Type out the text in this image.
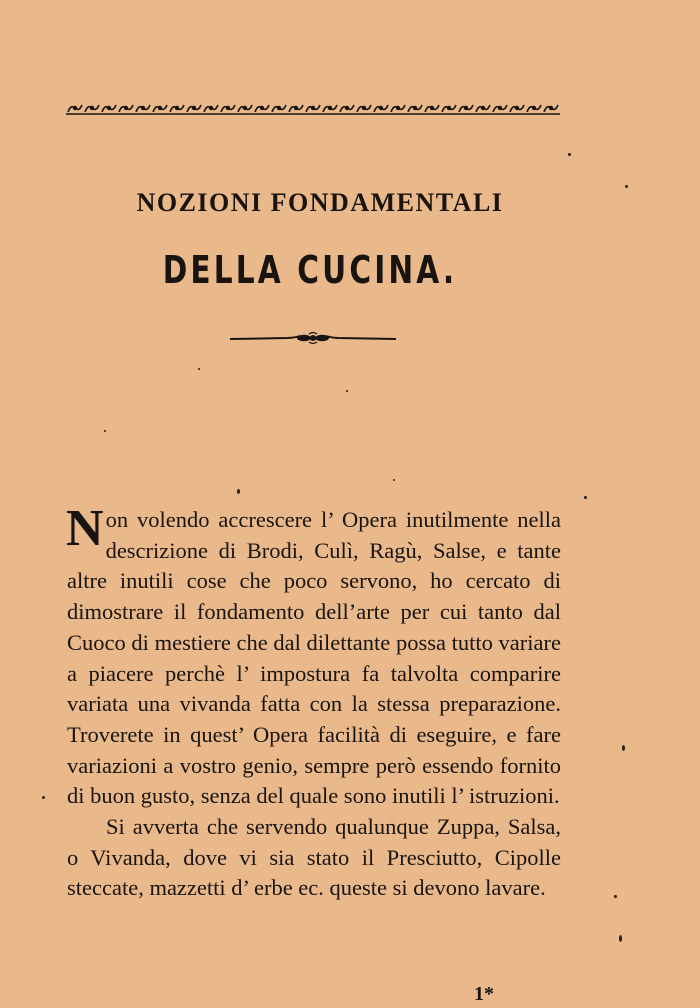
NOZIONI FONDAMENTALI
DELLA CUCINA.

Non volendo accrescere l’ Opera inutilmente nella descrizione di Brodi, Culì, Ragù, Salse, e tante altre inutili cose che poco servono, ho cercato di dimostrare il fondamento dell’arte per cui tanto dal Cuoco di mestiere che dal dilettante possa tutto variare a piacere perchè l’ impostura fa talvolta comparire variata una vivanda fatta con la stessa preparazione. Troverete in quest’ Opera facilità di eseguire, e fare variazioni a vostro genio, sempre però essendo fornito di buon gusto, senza del quale sono inutili l’ istruzioni.

Si avverta che servendo qualunque Zuppa, Salsa, o Vivanda, dove vi sia stato il Presciutto, Cipolle steccate, mazzetti d’ erbe ec. queste si devono lavare.

1*
